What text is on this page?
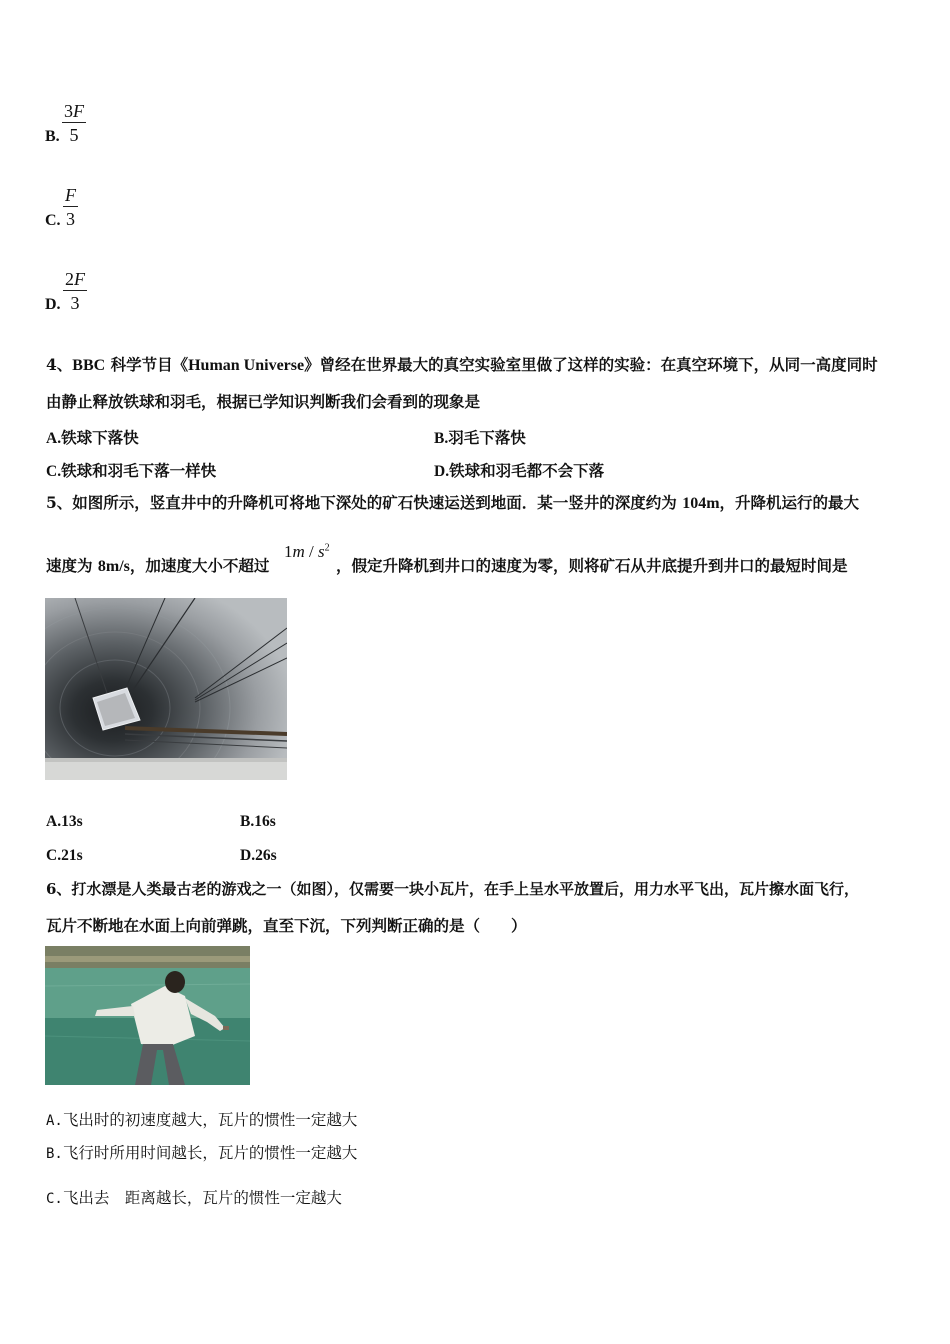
B. $\frac{3F}{5}$
C. $\frac{F}{3}$
D. $\frac{2F}{3}$
4、BBC 科学节目《Human Universe》曾经在世界最大的真空实验室里做了这样的实验：在真空环境下，从同一高度同时
由静止释放铁球和羽毛，根据已学知识判断我们会看到的现象是
A.铁球下落快	B.羽毛下落快
C.铁球和羽毛下落一样快	D.铁球和羽毛都不会下落
5、如图所示，竖直井中的升降机可将地下深处的矿石快速运送到地面．某一竖井的深度约为 104m，升降机运行的最大
速度为 8m/s，加速度大小不超过
$1m / s^2$
，假定升降机到井口的速度为零，则将矿石从井底提升到井口的最短时间是
A.13s	B.16s
C.21s	D.26s
6、打水漂是人类最古老的游戏之一（如图），仅需要一块小瓦片，在手上呈水平放置后，用力水平飞出，瓦片擦水面飞行，
瓦片不断地在水面上向前弹跳，直至下沉，下列判断正确的是（　　）
A.飞出时的初速度越大，瓦片的惯性一定越大
B.飞行时所用时间越长，瓦片的惯性一定越大
C.飞出去　距离越长，瓦片的惯性一定越大
